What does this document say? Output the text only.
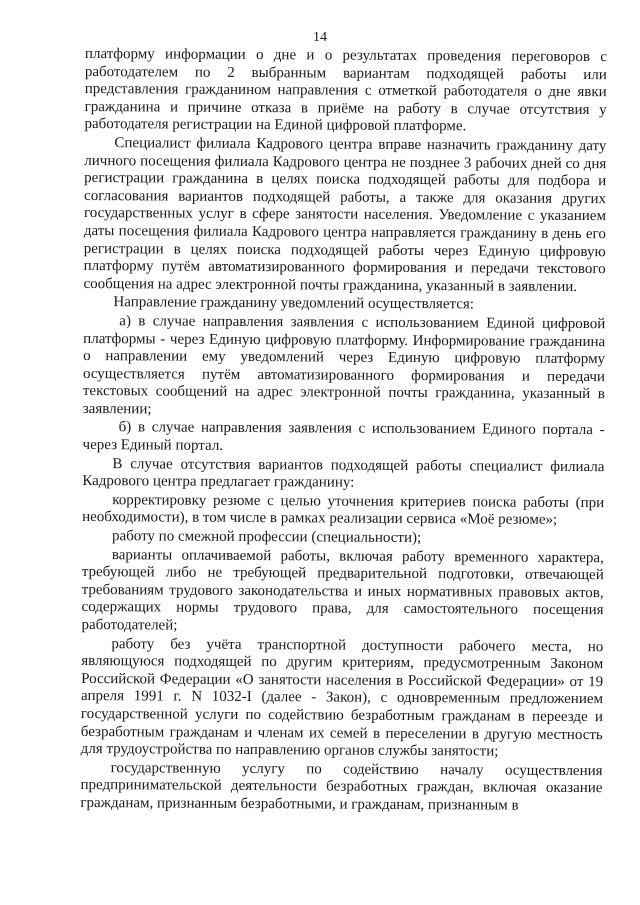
14

платформу информации о дне и о результатах проведения переговоров с работодателем по 2 выбранным вариантам подходящей работы или представления гражданином направления с отметкой работодателя о дне явки гражданина и причине отказа в приёме на работу в случае отсутствия у работодателя регистрации на Единой цифровой платформе.

Специалист филиала Кадрового центра вправе назначить гражданину дату личного посещения филиала Кадрового центра не позднее 3 рабочих дней со дня регистрации гражданина в целях поиска подходящей работы для подбора и согласования вариантов подходящей работы, а также для оказания других государственных услуг в сфере занятости населения. Уведомление с указанием даты посещения филиала Кадрового центра направляется гражданину в день его регистрации в целях поиска подходящей работы через Единую цифровую платформу путём автоматизированного формирования и передачи текстового сообщения на адрес электронной почты гражданина, указанный в заявлении.

Направление гражданину уведомлений осуществляется:

а) в случае направления заявления с использованием Единой цифровой платформы - через Единую цифровую платформу. Информирование гражданина о направлении ему уведомлений через Единую цифровую платформу осуществляется путём автоматизированного формирования и передачи текстовых сообщений на адрес электронной почты гражданина, указанный в заявлении;

б) в случае направления заявления с использованием Единого портала - через Единый портал.

В случае отсутствия вариантов подходящей работы специалист филиала Кадрового центра предлагает гражданину:

корректировку резюме с целью уточнения критериев поиска работы (при необходимости), в том числе в рамках реализации сервиса «Моё резюме»;

работу по смежной профессии (специальности);

варианты оплачиваемой работы, включая работу временного характера, требующей либо не требующей предварительной подготовки, отвечающей требованиям трудового законодательства и иных нормативных правовых актов, содержащих нормы трудового права, для самостоятельного посещения работодателей;

работу без учёта транспортной доступности рабочего места, но являющуюся подходящей по другим критериям, предусмотренным Законом Российской Федерации «О занятости населения в Российской Федерации» от 19 апреля 1991 г. N 1032-I (далее - Закон), с одновременным предложением государственной услуги по содействию безработным гражданам в переезде и безработным гражданам и членам их семей в переселении в другую местность для трудоустройства по направлению органов службы занятости;

государственную услугу по содействию началу осуществления предпринимательской деятельности безработных граждан, включая оказание гражданам, признанным безработными, и гражданам, признанным в
